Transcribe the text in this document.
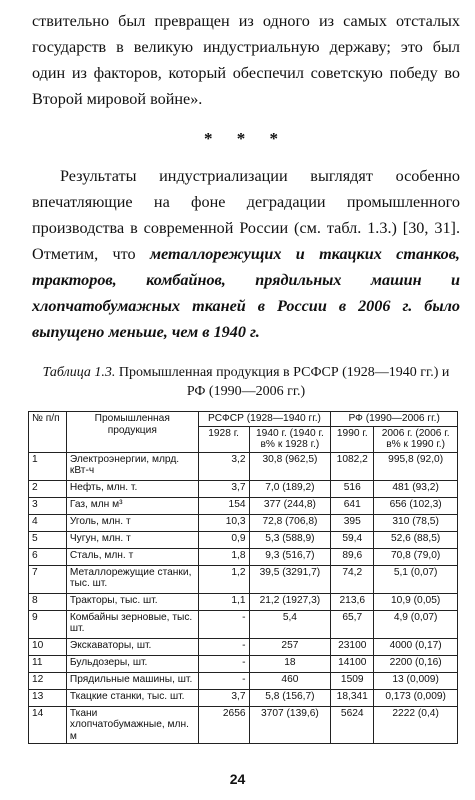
ствительно был превращен из одного из самых отсталых государств в великую индустриальную державу; это был один из факторов, который обеспечил советскую победу во Второй мировой войне».

* * *

Результаты индустриализации выглядят особенно впечатляющие на фоне деградации промышленного производства в современной России (см. табл. 1.3.) [30, 31]. Отметим, что металлорежущих и ткацких станков, тракторов, комбайнов, прядильных машин и хлопчатобумажных тканей в России в 2006 г. было выпущено меньше, чем в 1940 г.

Таблица 1.3. Промышленная продукция в РСФСР (1928—1940 гг.) и РФ (1990—2006 гг.)
№ п/п	Промышленная продукция	РСФСР (1928—1940 гг.)		РФ (1990—2006 гг.)	
		1928 г.	1940 г. (1940 г. в% к 1928 г.)	1990 г.	2006 г. (2006 г. в% к 1990 г.)
1	Электроэнергии, млрд. кВт-ч	3,2	30,8 (962,5)	1082,2	995,8 (92,0)
2	Нефть, млн. т.	3,7	7,0 (189,2)	516	481 (93,2)
3	Газ, млн м³	154	377 (244,8)	641	656 (102,3)
4	Уголь, млн. т	10,3	72,8 (706,8)	395	310 (78,5)
5	Чугун, млн. т	0,9	5,3 (588,9)	59,4	52,6 (88,5)
6	Сталь, млн. т	1,8	9,3 (516,7)	89,6	70,8 (79,0)
7	Металлорежущие станки, тыс. шт.	1,2	39,5 (3291,7)	74,2	5,1 (0,07)
8	Тракторы, тыс. шт.	1,1	21,2 (1927,3)	213,6	10,9 (0,05)
9	Комбайны зерновые, тыс. шт.	-	5,4	65,7	4,9 (0,07)
10	Экскаваторы, шт.	-	257	23100	4000 (0,17)
11	Бульдозеры, шт.	-	18	14100	2200 (0,16)
12	Прядильные машины, шт.	-	460	1509	13 (0,009)
13	Ткацкие станки, тыс. шт.	3,7	5,8 (156,7)	18,341	0,173 (0,009)
14	Ткани хлопчатобумажные, млн. м	2656	3707 (139,6)	5624	2222 (0,4)
24
